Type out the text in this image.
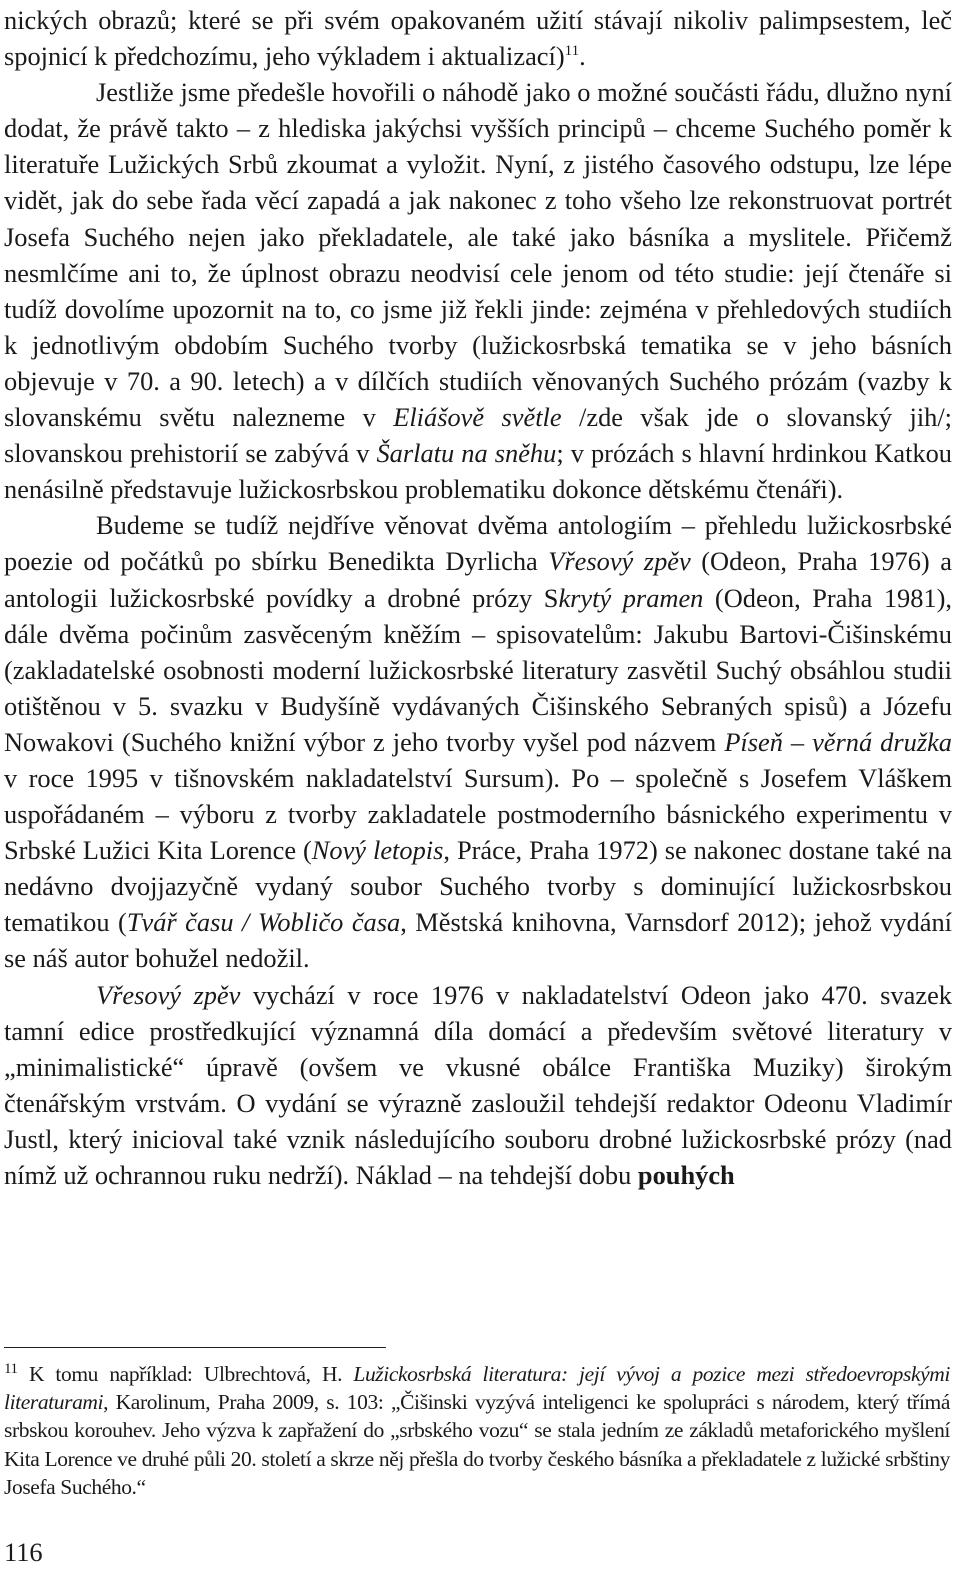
nických obrazů; které se při svém opakovaném užití stávají nikoliv palimpsestem, leč spojnicí k předchozímu, jeho výkladem i aktualizací)$^{11}$.

Jestliže jsme předešle hovořili o náhodě jako o možné součásti řádu, dlužno nyní dodat, že právě takto – z hlediska jakýchsi vyšších principů – chceme Suchého poměr k literatuře Lužických Srbů zkoumat a vyložit. Nyní, z jistého časového odstupu, lze lépe vidět, jak do sebe řada věcí zapadá a jak nakonec z toho všeho lze rekonstruovat portrét Josefa Suchého nejen jako překladatele, ale také jako básníka a myslitele. Přičemž nesmlčíme ani to, že úplnost obrazu neodvisí cele jenom od této studie: její čtenáře si tudíž dovolíme upozornit na to, co jsme již řekli jinde: zejména v přehledových studiích k jednotlivým obdobím Suchého tvorby (lužickosrbská tematika se v jeho básních objevuje v 70. a 90. letech) a v dílčích studiích věnovaných Suchého prózám (vazby k slovanskému světu nalezneme v Eliášově světle /zde však jde o slovanský jih/; slovanskou prehistorií se zabývá v Šarlatu na sněhu; v prózách s hlavní hrdinkou Katkou nenásilně představuje lužickosrbskou problematiku dokonce dětskému čtenáři).

Budeme se tudíž nejdříve věnovat dvěma antologiím – přehledu lužickosrbské poezie od počátků po sbírku Benedikta Dyrlicha Vřesový zpěv (Odeon, Praha 1976) a antologii lužickosrbské povídky a drobné prózy Skrytý pramen (Odeon, Praha 1981), dále dvěma počinům zasvěceným kněžím – spisovatelům: Jakubu Bartovi-Čišinskému (zakladatelské osobnosti moderní lužickosrbské literatury zasvětil Suchý obsáhlou studii otištěnou v 5. svazku v Budyšíně vydávaných Čišinského Sebraných spisů) a Józefu Nowakovi (Suchého knižní výbor z jeho tvorby vyšel pod názvem Píseň – věrná družka v roce 1995 v tišnovském nakladatelství Sursum). Po – společně s Josefem Vláškem uspořádaném – výboru z tvorby zakladatele postmoderního básnického experimentu v Srbské Lužici Kita Lorence (Nový letopis, Práce, Praha 1972) se nakonec dostane také na nedávno dvojjazyčně vydaný soubor Suchého tvorby s dominující lužickosrbskou tematikou (Tvář času / Wobličo časa, Městská knihovna, Varnsdorf 2012); jehož vydání se náš autor bohužel nedožil.

Vřesový zpěv vychází v roce 1976 v nakladatelství Odeon jako 470. svazek tamní edice prostředkující významná díla domácí a především světové literatury v „minimalistické“ úpravě (ovšem ve vkusné obálce Františka Muziky) širokým čtenářským vrstvám. O vydání se výrazně zasloužil tehdejší redaktor Odeonu Vladimír Justl, který inicioval také vznik následujícího souboru drobné lužickosrbské prózy (nad nímž už ochrannou ruku nedrží). Náklad – na tehdejší dobu pouhých

$^{11}$ K tomu například: Ulbrechtová, H. Lužickosrbská literatura: její vývoj a pozice mezi středoevropskými literaturami, Karolinum, Praha 2009, s. 103: „Čišinski vyzývá inteligenci ke spolupráci s národem, který třímá srbskou korouhev. Jeho výzva k zapřažení do „srbského vozu“ se stala jedním ze základů metaforického myšlení Kita Lorence ve druhé půli 20. století a skrze něj přešla do tvorby českého básníka a překladatele z lužické srbštiny Josefa Suchého.“

116
